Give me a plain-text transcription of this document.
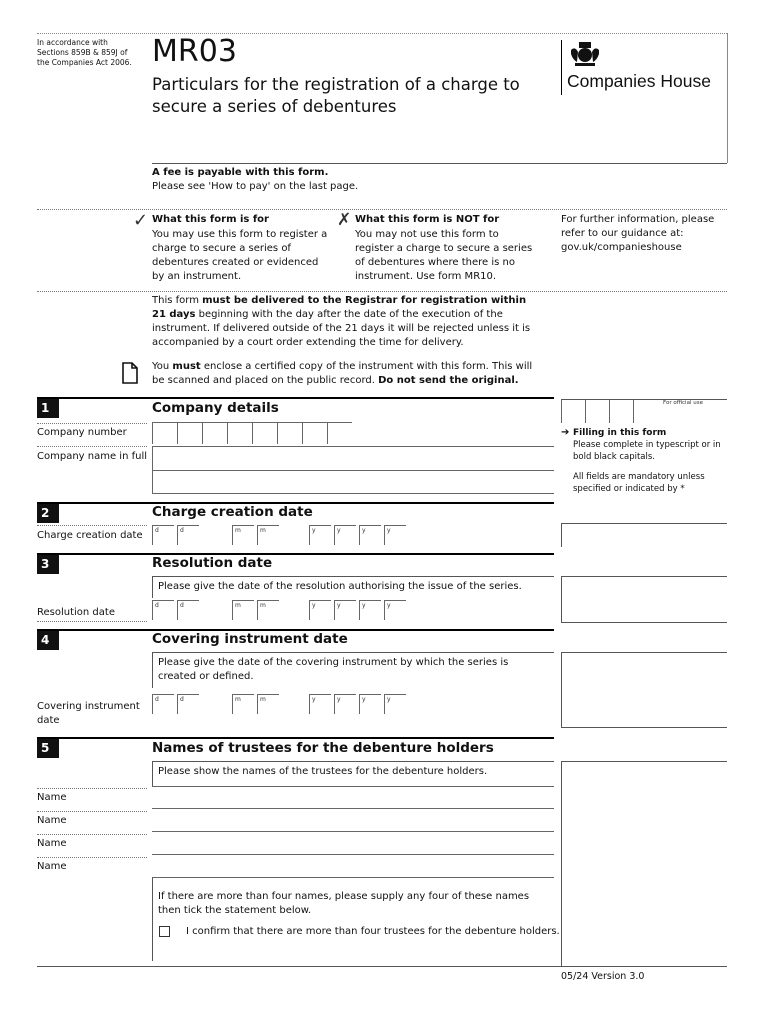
In accordance with Sections 859B & 859J of the Companies Act 2006. MR03
Particulars for the registration of a charge to secure a series of debentures
Companies House
A fee is payable with this form.
Please see 'How to pay' on the last page.
✓ What this form is for
You may use this form to register a charge to secure a series of debentures created or evidenced by an instrument.
✗ What this form is NOT for
You may not use this form to register a charge to secure a series of debentures where there is no instrument. Use form MR10.
For further information, please refer to our guidance at: gov.uk/companieshouse
This form must be delivered to the Registrar for registration within 21 days beginning with the day after the date of the execution of the instrument. If delivered outside of the 21 days it will be rejected unless it is accompanied by a court order extending the time for delivery.
You must enclose a certified copy of the instrument with this form. This will be scanned and placed on the public record. Do not send the original.
1	Company details	For official use
Company number
Company name in full
➔ Filling in this form
Please complete in typescript or in bold black capitals.
All fields are mandatory unless specified or indicated by *
2	Charge creation date
Charge creation date	d	d	m	m	y	y	y	y
3	Resolution date
Please give the date of the resolution authorising the issue of the series.
Resolution date
d	d	m	m	y	y	y	y
4	Covering instrument date
Please give the date of the covering instrument by which the series is created or defined.
Covering instrument date
d	d	m	m	y	y	y	y
5	Names of trustees for the debenture holders
Please show the names of the trustees for the debenture holders.
Name
Name
Name
Name
If there are more than four names, please supply any four of these names then tick the statement below.
I confirm that there are more than four trustees for the debenture holders.
05/24 Version 3.0
